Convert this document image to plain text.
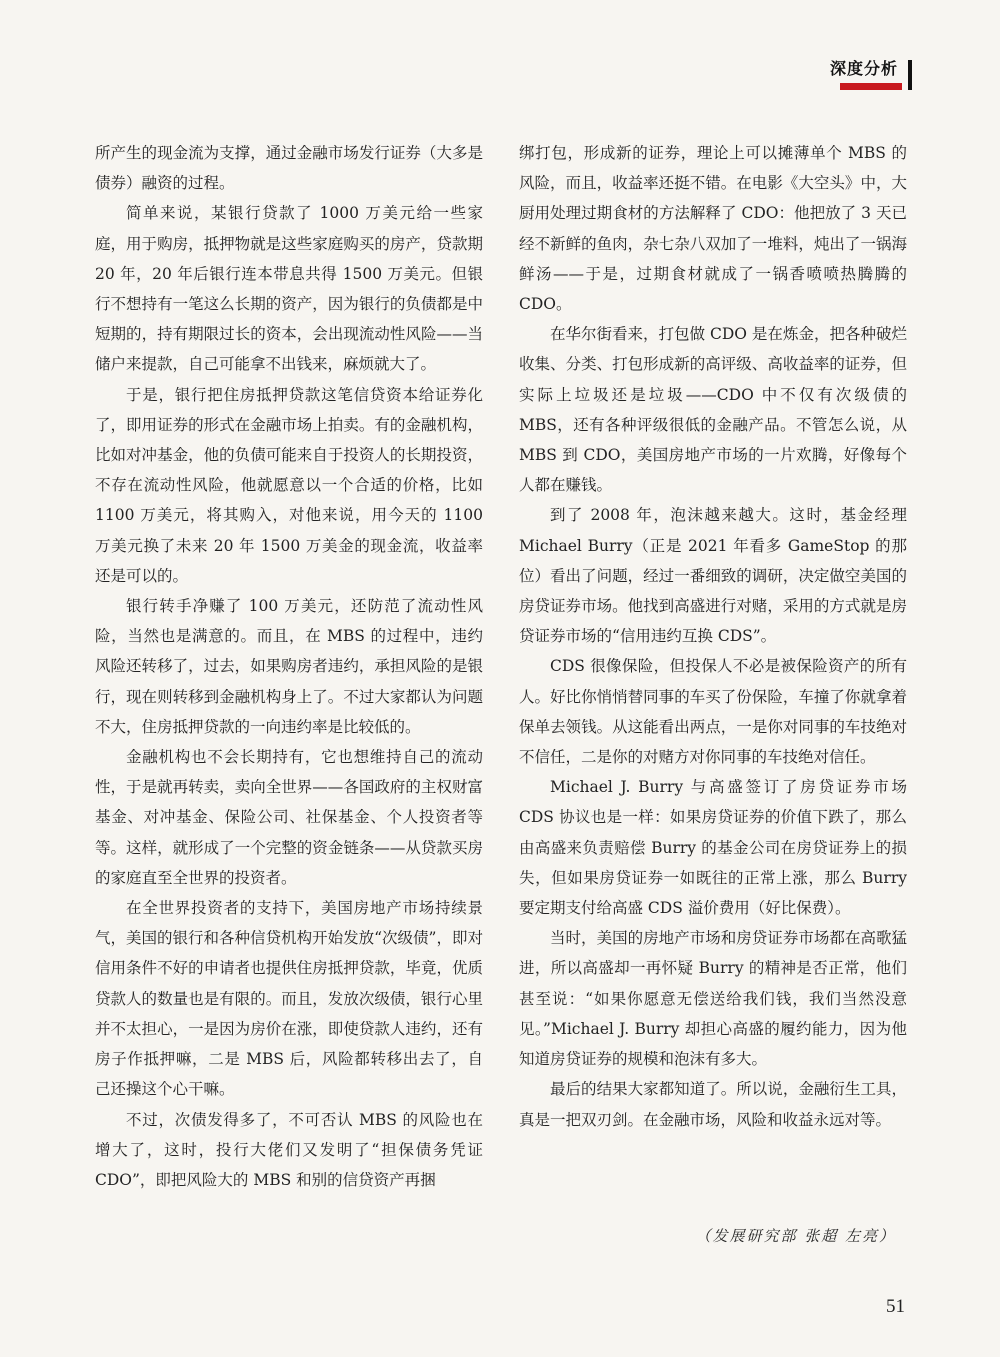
深度分析

所产生的现金流为支撑，通过金融市场发行证券（大多是债券）融资的过程。

简单来说，某银行贷款了 1000 万美元给一些家庭，用于购房，抵押物就是这些家庭购买的房产，贷款期 20 年，20 年后银行连本带息共得 1500 万美元。但银行不想持有一笔这么长期的资产，因为银行的负债都是中短期的，持有期限过长的资本，会出现流动性风险——当储户来提款，自己可能拿不出钱来，麻烦就大了。

于是，银行把住房抵押贷款这笔信贷资本给证券化了，即用证券的形式在金融市场上拍卖。有的金融机构，比如对冲基金，他的负债可能来自于投资人的长期投资，不存在流动性风险，他就愿意以一个合适的价格，比如 1100 万美元，将其购入，对他来说，用今天的 1100 万美元换了未来 20 年 1500 万美金的现金流，收益率还是可以的。

银行转手净赚了 100 万美元，还防范了流动性风险，当然也是满意的。而且，在 MBS 的过程中，违约风险还转移了，过去，如果购房者违约，承担风险的是银行，现在则转移到金融机构身上了。不过大家都认为问题不大，住房抵押贷款的一向违约率是比较低的。

金融机构也不会长期持有，它也想维持自己的流动性，于是就再转卖，卖向全世界——各国政府的主权财富基金、对冲基金、保险公司、社保基金、个人投资者等等。这样，就形成了一个完整的资金链条——从贷款买房的家庭直至全世界的投资者。

在全世界投资者的支持下，美国房地产市场持续景气，美国的银行和各种信贷机构开始发放“次级债”，即对信用条件不好的申请者也提供住房抵押贷款，毕竟，优质贷款人的数量也是有限的。而且，发放次级债，银行心里并不太担心，一是因为房价在涨，即使贷款人违约，还有房子作抵押嘛，二是 MBS 后，风险都转移出去了，自己还操这个心干嘛。

不过，次债发得多了，不可否认 MBS 的风险也在增大了，这时，投行大佬们又发明了“担保债务凭证 CDO”，即把风险大的 MBS 和别的信贷资产再捆

绑打包，形成新的证券，理论上可以摊薄单个 MBS 的风险，而且，收益率还挺不错。在电影《大空头》中，大厨用处理过期食材的方法解释了 CDO：他把放了 3 天已经不新鲜的鱼肉，杂七杂八双加了一堆料，炖出了一锅海鲜汤——于是，过期食材就成了一锅香喷喷热腾腾的 CDO。

在华尔街看来，打包做 CDO 是在炼金，把各种破烂收集、分类、打包形成新的高评级、高收益率的证券，但实际上垃圾还是垃圾——CDO 中不仅有次级债的 MBS，还有各种评级很低的金融产品。不管怎么说，从 MBS 到 CDO，美国房地产市场的一片欢腾，好像每个人都在赚钱。

到了 2008 年，泡沫越来越大。这时，基金经理 Michael Burry（正是 2021 年看多 GameStop 的那位）看出了问题，经过一番细致的调研，决定做空美国的房贷证券市场。他找到高盛进行对赌，采用的方式就是房贷证券市场的“信用违约互换 CDS”。

CDS 很像保险，但投保人不必是被保险资产的所有人。好比你悄悄替同事的车买了份保险，车撞了你就拿着保单去领钱。从这能看出两点，一是你对同事的车技绝对不信任，二是你的对赌方对你同事的车技绝对信任。

Michael J. Burry 与高盛签订了房贷证券市场 CDS 协议也是一样：如果房贷证券的价值下跌了，那么由高盛来负责赔偿 Burry 的基金公司在房贷证券上的损失，但如果房贷证券一如既往的正常上涨，那么 Burry 要定期支付给高盛 CDS 溢价费用（好比保费）。

当时，美国的房地产市场和房贷证券市场都在高歌猛进，所以高盛却一再怀疑 Burry 的精神是否正常，他们甚至说：“如果你愿意无偿送给我们钱，我们当然没意见。”Michael J. Burry 却担心高盛的履约能力，因为他知道房贷证券的规模和泡沫有多大。

最后的结果大家都知道了。所以说，金融衍生工具，真是一把双刃剑。在金融市场，风险和收益永远对等。

（发展研究部 张超 左亮）
51
